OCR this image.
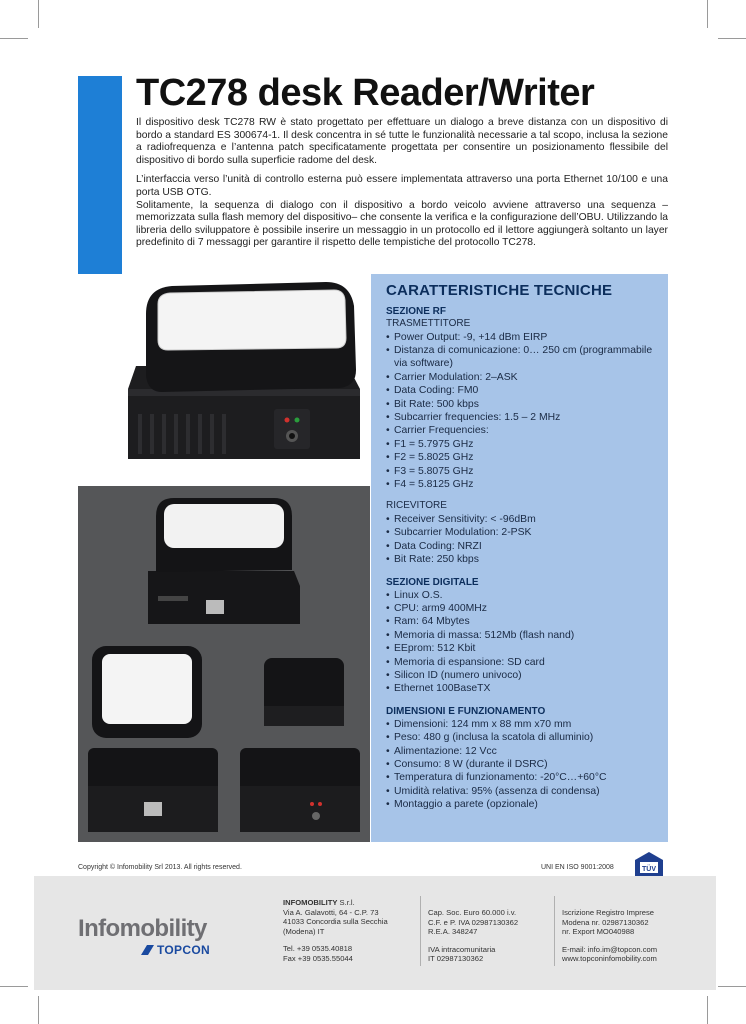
TC278 desk Reader/Writer

Il dispositivo desk TC278 RW è stato progettato per effettuare un dialogo a breve distanza con un dispositivo di bordo a standard ES 300674-1. Il desk concentra in sé tutte le funzionalità necessarie a tal scopo, inclusa la sezione a radiofrequenza e l’antenna patch specificatamente progettata per consentire un posizionamento flessibile del dispositivo di bordo sulla superficie radome del desk.

L’interfaccia verso l’unità di controllo esterna può essere implementata attraverso una porta Ethernet 10/100 e una porta USB OTG.

Solitamente, la sequenza di dialogo con il dispositivo a bordo veicolo avviene attraverso una sequenza –memorizzata sulla flash memory del dispositivo– che consente la verifica e la configurazione dell’OBU. Utilizzando la libreria dello sviluppatore è possibile inserire un messaggio in un protocollo ed il lettore aggiungerà soltanto un layer predefinito di 7 messaggi per garantire il rispetto delle tempistiche del protocollo TC278.

CARATTERISTICHE TECNICHE
SEZIONE RF
TRASMETTITORE
• Power Output: -9, +14 dBm EIRP
• Distanza di comunicazione: 0… 250 cm (programmabile via software)
• Carrier Modulation: 2–ASK
• Data Coding: FM0
• Bit Rate: 500 kbps
• Subcarrier frequencies: 1.5 – 2 MHz
• Carrier Frequencies:
• F1 = 5.7975 GHz
• F2 = 5.8025 GHz
• F3 = 5.8075 GHz
• F4 = 5.8125 GHz
RICEVITORE
• Receiver Sensitivity: < -96dBm
• Subcarrier Modulation: 2-PSK
• Data Coding: NRZI
• Bit Rate: 250 kbps
SEZIONE DIGITALE
• Linux O.S.
• CPU: arm9 400MHz
• Ram: 64 Mbytes
• Memoria di massa: 512Mb (flash nand)
• EEprom: 512 Kbit
• Memoria di espansione: SD card
• Silicon ID (numero univoco)
• Ethernet 100BaseTX
DIMENSIONI E FUNZIONAMENTO
• Dimensioni: 124 mm x 88 mm x70 mm
• Peso: 480 g (inclusa la scatola di alluminio)
• Alimentazione: 12 Vcc
• Consumo: 8 W (durante il DSRC)
• Temperatura di funzionamento: -20°C…+60°C
• Umidità relativa: 95% (assenza di condensa)
• Montaggio a parete (opzionale)
Copyright © Infomobility Srl 2013. All rights reserved.	UNI EN ISO 9001:2008	TÜV
Infomobility
TOPCON
INFOMOBILITY S.r.l.
Via A. Galavotti, 64 - C.P. 73
41033 Concordia sulla Secchia
(Modena) IT
Tel. +39 0535.40818
Fax +39 0535.55044
Cap. Soc. Euro 60.000 i.v.
C.F. e P. IVA 02987130362
R.E.A. 348247
IVA intracomunitaria
IT 02987130362
Iscrizione Registro Imprese
Modena nr. 02987130362
nr. Export MO040988
E-mail: info.im@topcon.com
www.topconinfomobility.com
